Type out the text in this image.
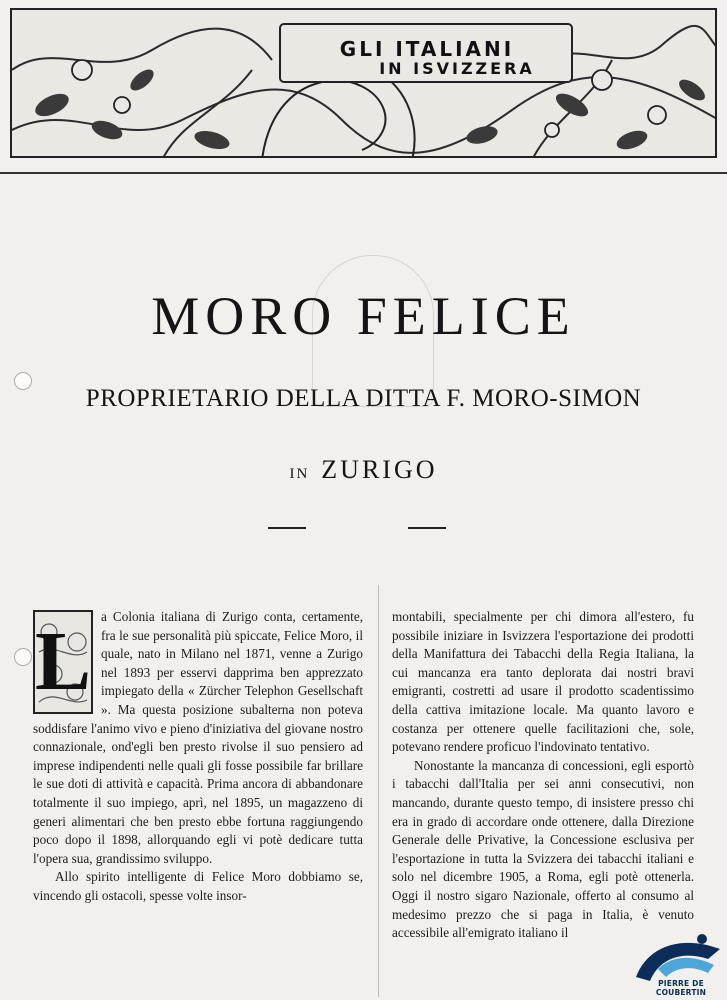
GLI ITALIANI
IN ISVIZZERA
MORO FELICE
PROPRIETARIO DELLA DITTA F. MORO-SIMON
IN ZURIGO
L a Colonia italiana di Zurigo conta, certamente, fra le sue personalità più spiccate, Felice Moro, il quale, nato in Milano nel 1871, venne a Zurigo nel 1893 per esservi dapprima ben apprezzato impiegato della « Zürcher Telephon Gesellschaft ». Ma questa posizione subalterna non poteva soddisfare l'animo vivo e pieno d'iniziativa del giovane nostro connazionale, ond'egli ben presto rivolse il suo pensiero ad imprese indipendenti nelle quali gli fosse possibile far brillare le sue doti di attività e capacità. Prima ancora di abbandonare totalmente il suo impiego, aprì, nel 1895, un magazzeno di generi alimentari che ben presto ebbe fortuna raggiungendo poco dopo il 1898, allorquando egli vi potè dedicare tutta l'opera sua, grandissimo sviluppo.

Allo spirito intelligente di Felice Moro dobbiamo se, vincendo gli ostacoli, spesse volte insor-

montabili, specialmente per chi dimora all'estero, fu possibile iniziare in Isvizzera l'esportazione dei prodotti della Manifattura dei Tabacchi della Regia Italiana, la cui mancanza era tanto deplorata dai nostri bravi emigranti, costretti ad usare il prodotto scadentissimo della cattiva imitazione locale. Ma quanto lavoro e costanza per ottenere quelle facilitazioni che, sole, potevano rendere proficuo l'indovinato tentativo.

Nonostante la mancanza di concessioni, egli esportò i tabacchi dall'Italia per sei anni consecutivi, non mancando, durante questo tempo, di insistere presso chi era in grado di accordare onde ottenere, dalla Direzione Generale delle Privative, la Concessione esclusiva per l'esportazione in tutta la Svizzera dei tabacchi italiani e solo nel dicembre 1905, a Roma, egli potè ottenerla. Oggi il nostro sigaro Nazionale, offerto al consumo al medesimo prezzo che si paga in Italia, è venuto accessibile all'emigrato italiano il

PIERRE DE COUBERTIN
